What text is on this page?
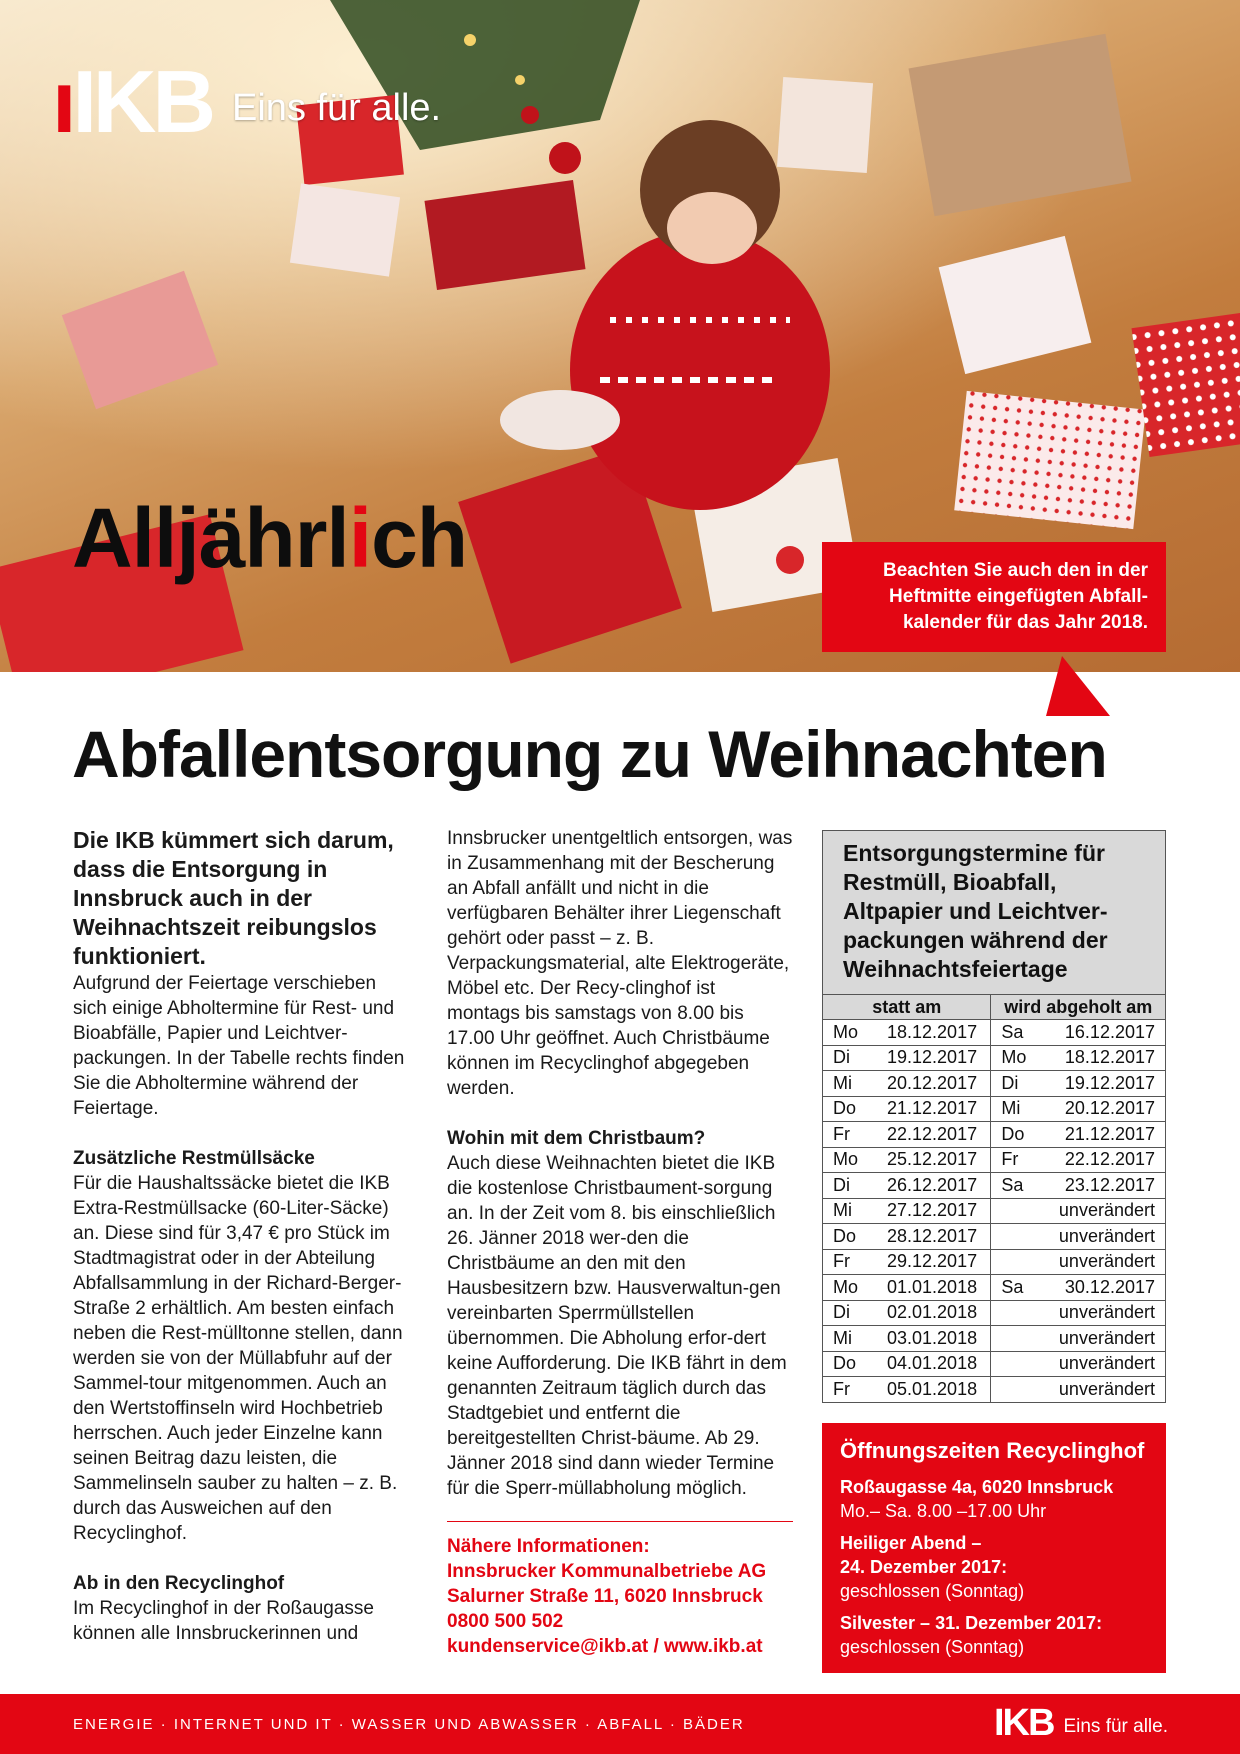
ı IKB Eins für alle.
Alljährlich	Beachten Sie auch den in der Heftmitte eingefügten Abfall-kalender für das Jahr 2018.
Abfallentsorgung zu Weihnachten

Die IKB kümmert sich darum, dass die Entsorgung in Innsbruck auch in der Weihnachtszeit reibungslos funktioniert.

Aufgrund der Feiertage verschieben sich einige Abholtermine für Rest- und Bioabfälle, Papier und Leichtver-packungen. In der Tabelle rechts finden Sie die Abholtermine während der Feiertage.

Zusätzliche Restmüllsäcke

Für die Haushaltssäcke bietet die IKB Extra-Restmüllsacke (60-Liter-Säcke) an. Diese sind für 3,47 € pro Stück im Stadtmagistrat oder in der Abteilung Abfallsammlung in der Richard-Berger-Straße 2 erhältlich. Am besten einfach neben die Rest-mülltonne stellen, dann werden sie von der Müllabfuhr auf der Sammel-tour mitgenommen. Auch an den Wertstoffinseln wird Hochbetrieb herrschen. Auch jeder Einzelne kann seinen Beitrag dazu leisten, die Sammelinseln sauber zu halten – z. B. durch das Ausweichen auf den Recyclinghof.

Ab in den Recyclinghof

Im Recyclinghof in der Roßaugasse können alle Innsbruckerinnen und

Innsbrucker unentgeltlich entsorgen, was in Zusammenhang mit der Bescherung an Abfall anfällt und nicht in die verfügbaren Behälter ihrer Liegenschaft gehört oder passt – z. B. Verpackungsmaterial, alte Elektrogeräte, Möbel etc. Der Recy-clinghof ist montags bis samstags von 8.00 bis 17.00 Uhr geöffnet. Auch Christbäume können im Recyclinghof abgegeben werden.

Wohin mit dem Christbaum?

Auch diese Weihnachten bietet die IKB die kostenlose Christbaument-sorgung an. In der Zeit vom 8. bis einschließlich 26. Jänner 2018 wer-den die Christbäume an den mit den Hausbesitzern bzw. Hausverwaltun-gen vereinbarten Sperrmüllstellen übernommen. Die Abholung erfor-dert keine Aufforderung. Die IKB fährt in dem genannten Zeitraum täglich durch das Stadtgebiet und entfernt die bereitgestellten Christ-bäume. Ab 29. Jänner 2018 sind dann wieder Termine für die Sperr-müllabholung möglich.

Nähere Informationen:
Innsbrucker Kommunalbetriebe AG
Salurner Straße 11, 6020 Innsbruck
0800 500 502
kundenservice@ikb.at / www.ikb.at
Entsorgungstermine für Restmüll, Bioabfall, Altpapier und Leichtver-packungen während der Weihnachtsfeiertage
statt am		wird abgeholt am	
Mo	18.12.2017	Sa	16.12.2017
Di	19.12.2017	Mo	18.12.2017
Mi	20.12.2017	Di	19.12.2017
Do	21.12.2017	Mi	20.12.2017
Fr	22.12.2017	Do	21.12.2017
Mo	25.12.2017	Fr	22.12.2017
Di	26.12.2017	Sa	23.12.2017
Mi	27.12.2017		unverändert
Do	28.12.2017		unverändert
Fr	29.12.2017		unverändert
Mo	01.01.2018	Sa	30.12.2017
Di	02.01.2018		unverändert
Mi	03.01.2018		unverändert
Do	04.01.2018		unverändert
Fr	05.01.2018		unverändert
Öffnungszeiten Recyclinghof

Roßaugasse 4a, 6020 Innsbruck

Mo.– Sa. 8.00 –17.00 Uhr

Heiliger Abend –

24. Dezember 2017:

geschlossen (Sonntag)

Silvester – 31. Dezember 2017:

geschlossen (Sonntag)

ENERGIE · INTERNET UND IT · WASSER UND ABWASSER · ABFALL · BÄDER	IKB Eins für alle.
